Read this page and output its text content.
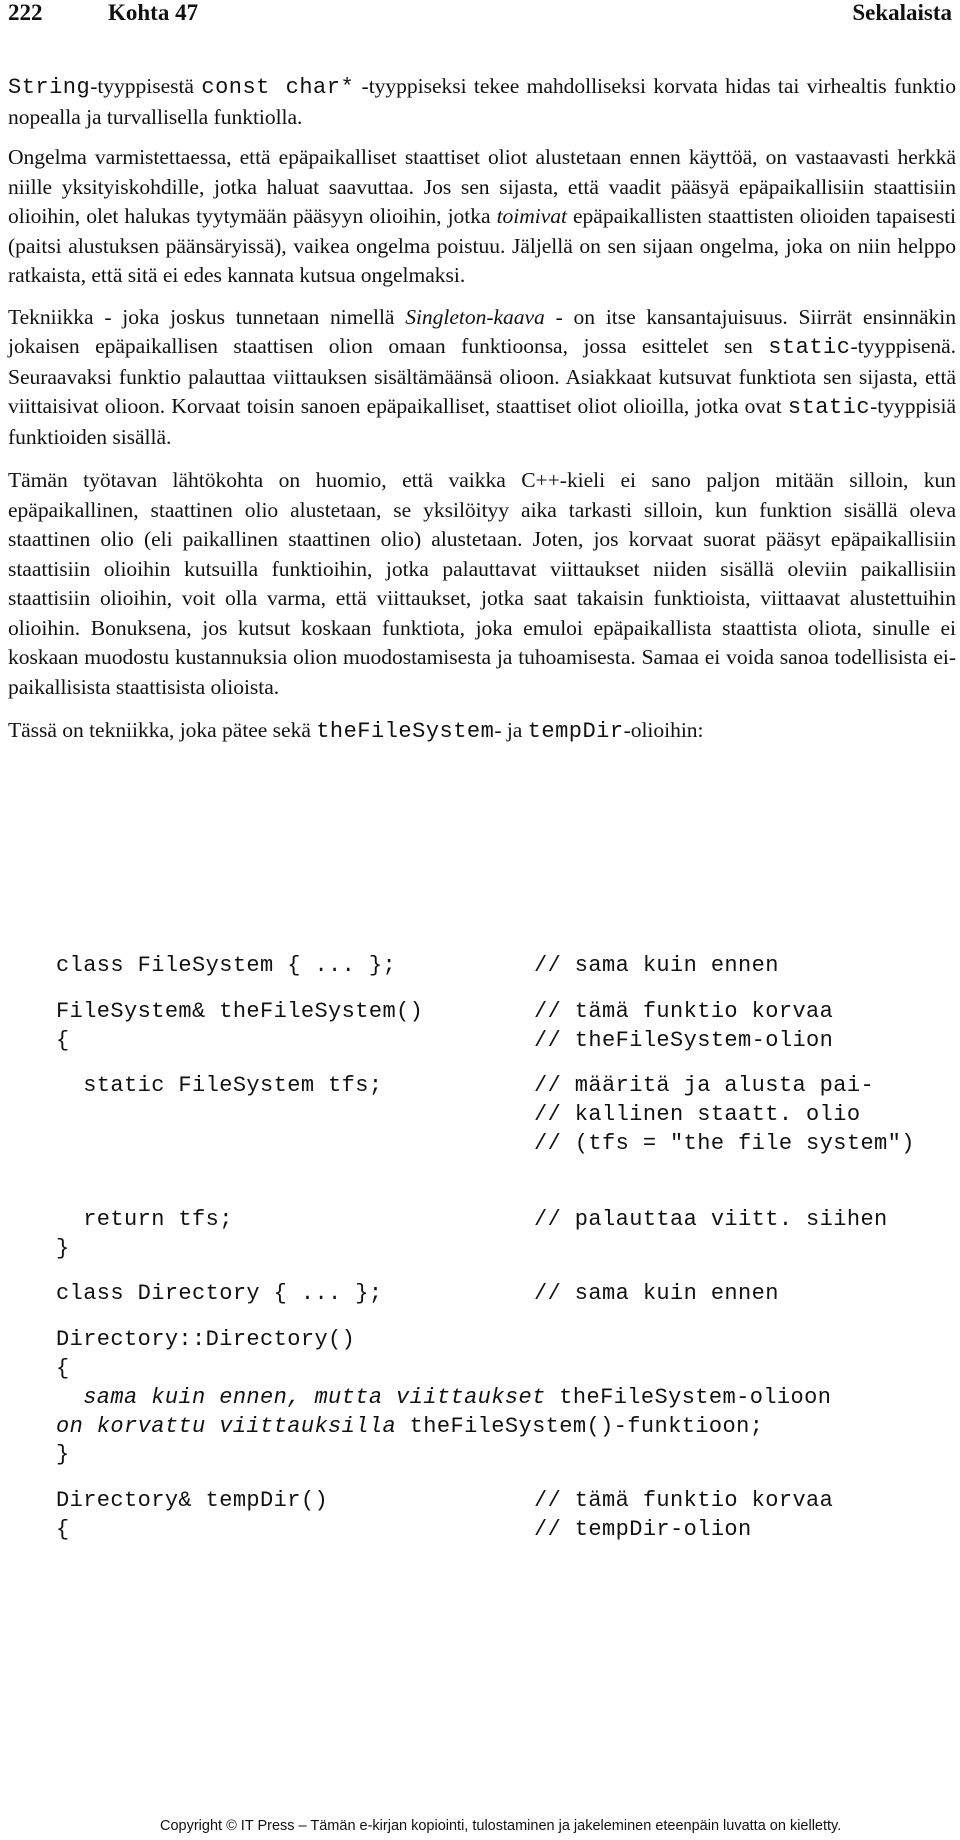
222	Kohta 47	Sekalaista

String-tyyppisestä const char* -tyyppiseksi tekee mahdolliseksi korvata hidas tai virhealtis funktio nopealla ja turvallisella funktiolla.

Ongelma varmistettaessa, että epäpaikalliset staattiset oliot alustetaan ennen käyttöä, on vastaavasti herkkä niille yksityiskohdille, jotka haluat saavuttaa. Jos sen sijasta, että vaadit pääsyä epäpaikallisiin staattisiin olioihin, olet halukas tyytymään pääsyyn olioihin, jotka toimivat epäpaikallisten staattisten olioiden tapaisesti (paitsi alustuksen päänsäryissä), vaikea ongelma poistuu. Jäljellä on sen sijaan ongelma, joka on niin helppo ratkaista, että sitä ei edes kannata kutsua ongelmaksi.

Tekniikka - joka joskus tunnetaan nimellä Singleton-kaava - on itse kansantajuisuus. Siirrät ensinnäkin jokaisen epäpaikallisen staattisen olion omaan funktioonsa, jossa esittelet sen static-tyyppisenä. Seuraavaksi funktio palauttaa viittauksen sisältämäänsä olioon. Asiakkaat kutsuvat funktiota sen sijasta, että viittaisivat olioon. Korvaat toisin sanoen epäpaikalliset, staattiset oliot olioilla, jotka ovat static-tyyppisiä funktioiden sisällä.

Tämän työtavan lähtökohta on huomio, että vaikka C++-kieli ei sano paljon mitään silloin, kun epäpaikallinen, staattinen olio alustetaan, se yksilöityy aika tarkasti silloin, kun funktion sisällä oleva staattinen olio (eli paikallinen staattinen olio) alustetaan. Joten, jos korvaat suorat pääsyt epäpaikallisiin staattisiin olioihin kutsuilla funktioihin, jotka palauttavat viittaukset niiden sisällä oleviin paikallisiin staattisiin olioihin, voit olla varma, että viittaukset, jotka saat takaisin funktioista, viittaavat alustettuihin olioihin. Bonuksena, jos kutsut koskaan funktiota, joka emuloi epäpaikallista staattista oliota, sinulle ei koskaan muodostu kustannuksia olion muodostamisesta ja tuhoamisesta. Samaa ei voida sanoa todellisista ei-paikallisista staattisista olioista.

Tässä on tekniikka, joka pätee sekä theFileSystem- ja tempDir-olioihin:

class FileSystem { ... };	// sama kuin ennen
FileSystem& theFileSystem()	// tämä funktio korvaa
{	// theFileSystem-olion
static FileSystem tfs;	// määritä ja alusta pai-
// kallinen staatt. olio
// (tfs = "the file system")
return tfs;	// palauttaa viitt. siihen
}
class Directory { ... };	// sama kuin ennen
Directory::Directory()
{
sama kuin ennen, mutta viittaukset theFileSystem-olioon
on korvattu viittauksilla theFileSystem()-funktioon;
}
Directory& tempDir()	// tämä funktio korvaa
{	// tempDir-olion
Copyright © IT Press – Tämän e-kirjan kopiointi, tulostaminen ja jakeleminen eteenpäin luvatta on kielletty.
